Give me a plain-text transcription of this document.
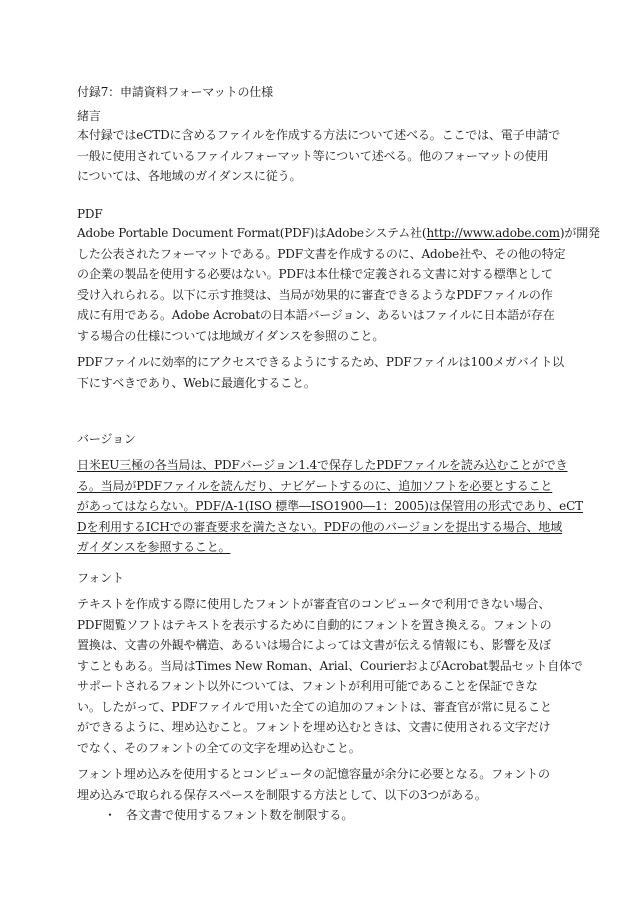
付録7：申請資料フォーマットの仕様

緒言

本付録ではeCTDに含めるファイルを作成する方法について述べる。ここでは、電子申請で
一般に使用されているファイルフォーマット等について述べる。他のフォーマットの使用
については、各地域のガイダンスに従う。

PDF

Adobe Portable Document Format(PDF)はAdobeシステム社(http://www.adobe.com)が開発
した公表されたフォーマットである。PDF文書を作成するのに、Adobe社や、その他の特定
の企業の製品を使用する必要はない。PDFは本仕様で定義される文書に対する標準として
受け入れられる。以下に示す推奨は、当局が効果的に審査できるようなPDFファイルの作
成に有用である。Adobe Acrobatの日本語バージョン、あるいはファイルに日本語が存在
する場合の仕様については地域ガイダンスを参照のこと。

PDFファイルに効率的にアクセスできるようにするため、PDFファイルは100メガバイト以
下にすべきであり、Webに最適化すること。

バージョン

日米EU三極の各当局は、PDFバージョン1.4で保存したPDFファイルを読み込むことができ
る。当局がPDFファイルを読んだり、ナビゲートするのに、追加ソフトを必要とすること
があってはならない。PDF/A-1(ISO 標準―ISO1900―1：2005)は保管用の形式であり、eCT
Dを利用するICHでの審査要求を満たさない。PDFの他のバージョンを提出する場合、地域
ガイダンスを参照すること。

フォント

テキストを作成する際に使用したフォントが審査官のコンピュータで利用できない場合、
PDF閲覧ソフトはテキストを表示するために自動的にフォントを置き換える。フォントの
置換は、文書の外観や構造、あるいは場合によっては文書が伝える情報にも、影響を及ぼ
すこともある。当局はTimes New Roman、Arial、CourierおよびAcrobat製品セット自体で
サポートされるフォント以外については、フォントが利用可能であることを保証できな
い。したがって、PDFファイルで用いた全ての追加のフォントは、審査官が常に見ること
ができるように、埋め込むこと。フォントを埋め込むときは、文書に使用される文字だけ
でなく、そのフォントの全ての文字を埋め込むこと。

フォント埋め込みを使用するとコンピュータの記憶容量が余分に必要となる。フォントの
埋め込みで取られる保存スペースを制限する方法として、以下の3つがある。

・ 各文書で使用するフォント数を制限する。
